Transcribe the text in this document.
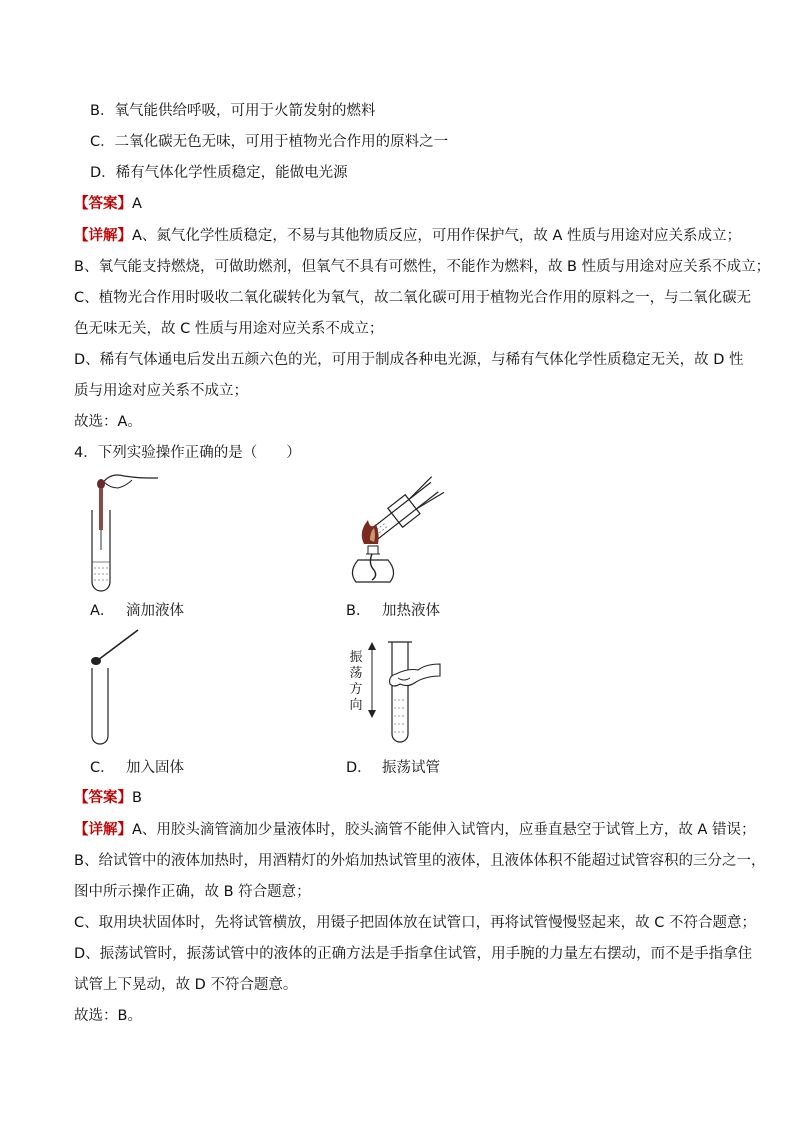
B．氧气能供给呼吸，可用于火箭发射的燃料
C．二氧化碳无色无味，可用于植物光合作用的原料之一
D．稀有气体化学性质稳定，能做电光源
【答案】A
【详解】A、氮气化学性质稳定，不易与其他物质反应，可用作保护气，故 A 性质与用途对应关系成立；
B、氧气能支持燃烧，可做助燃剂，但氧气不具有可燃性，不能作为燃料，故 B 性质与用途对应关系不成立；
C、植物光合作用时吸收二氧化碳转化为氧气，故二氧化碳可用于植物光合作用的原料之一，与二氧化碳无
色无味无关，故 C 性质与用途对应关系不成立；
D、稀有气体通电后发出五颜六色的光，可用于制成各种电光源，与稀有气体化学性质稳定无关，故 D 性
质与用途对应关系不成立；
故选：A。
4．下列实验操作正确的是（　　）
A． 滴加液体	B． 加热液体
C． 加入固体
振荡方向
D． 振荡试管
【答案】B
【详解】A、用胶头滴管滴加少量液体时，胶头滴管不能伸入试管内，应垂直悬空于试管上方，故 A 错误；
B、给试管中的液体加热时，用酒精灯的外焰加热试管里的液体，且液体体积不能超过试管容积的三分之一，
图中所示操作正确，故 B 符合题意；
C、取用块状固体时，先将试管横放，用镊子把固体放在试管口，再将试管慢慢竖起来，故 C 不符合题意；
D、振荡试管时，振荡试管中的液体的正确方法是手指拿住试管，用手腕的力量左右摆动，而不是手指拿住
试管上下晃动，故 D 不符合题意。
故选：B。
